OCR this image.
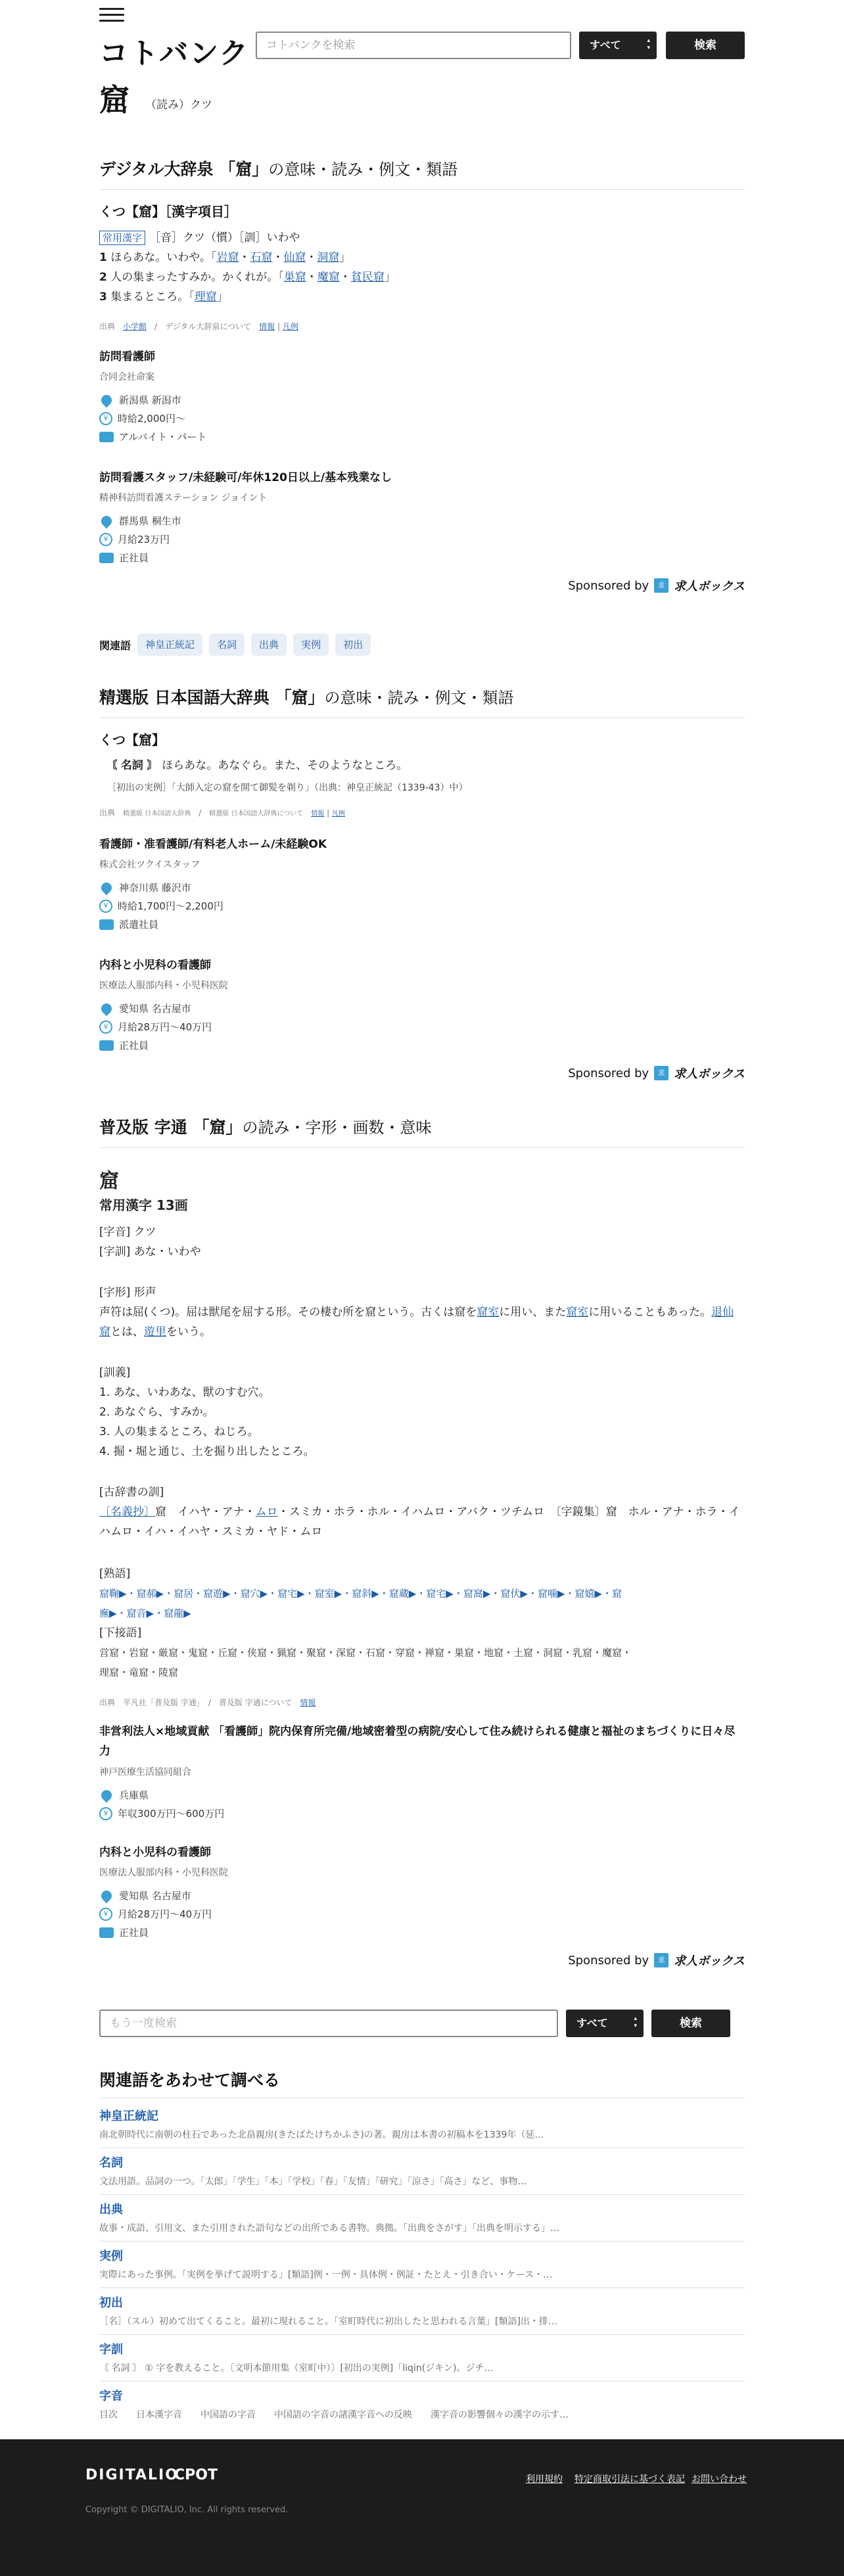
コトバンク	コトバンクを検索	すべて ▴ ▾	検索
窟 （読み）クツ
デジタル大辞泉 「窟」の意味・読み・例文・類語
くつ【窟】［漢字項目］
常用漢字 ［音］クツ（慣）［訓］いわや
1 ほらあな。いわや。「岩窟・石窟・仙窟・洞窟」
2 人の集まったすみか。かくれが。「巣窟・魔窟・貧民窟」
3 集まるところ。「理窟」
出典　 小学館　/　デジタル大辞泉について　 情報 | 凡例
訪問看護師
合同会社命案
新潟県 新潟市
¥ 時給2,000円〜
アルバイト・パート
訪問看護スタッフ/未経験可/年休120日以上/基本残業なし
精神科訪問看護ステーション ジョイント
群馬県 桐生市
¥ 月給23万円
正社員
Sponsored by	求 求人ボックス
関連語	神皇正統記	名詞	出典	実例	初出
精選版 日本国語大辞典 「窟」の意味・読み・例文・類語
くつ【窟】
〘 名詞 〙 ほらあな。あなぐら。また、そのようなところ。
［初出の実例］「大師入定の窟を開て御髪を剃り」（出典：神皇正統記（1339‐43）中）
出典　 精選版 日本国語大辞典　/　精選版 日本国語大辞典について　 情報 | 凡例
看護師・准看護師/有料老人ホーム/未経験OK
株式会社ツクイスタッフ
神奈川県 藤沢市
¥ 時給1,700円〜2,200円
派遣社員
内科と小児科の看護師
医療法人服部内科・小児科医院
愛知県 名古屋市
¥ 月給28万円〜40万円
正社員
Sponsored by	求 求人ボックス
普及版 字通 「窟」の読み・字形・画数・意味
窟
常用漢字 13画
[字音] クツ
[字訓] あな・いわや
[字形] 形声
声符は屈(くつ)。屈は獣尾を屈する形。その棲む所を窟という。古くは窟を窟室に用い、また窟室に用いることもあった。退仙窟とは、遊里をいう。
[訓義]
1. あな、いわあな、獣のすむ穴。
2. あなぐら、すみか。
3. 人の集まるところ、ねじろ。
4. 掘・堀と通じ、土を掘り出したところ。
[古辞書の訓]
〔名義抄〕窟　イハヤ・アナ・ムロ・スミカ・ホラ・ホル・イハムロ・アバク・ツチムロ　〔字鏡集〕窟　ホル・アナ・ホラ・イハムロ・イハ・イハヤ・スミカ・ヤド・ムロ
[熟語]
窟鞠▶・窟郝▶・窟居・窟遊▶・窟穴▶・窟宅▶・窟室▶・窟斜▶・窟蔵▶・窟宅▶・窟窩▶・窟伏▶・窟噛▶・窟嬉▶・窟
廡▶・窟音▶・窟龍▶
[下接語]
営窟・岩窟・厳窟・鬼窟・丘窟・侠窟・猟窟・聚窟・深窟・石窟・穿窟・禅窟・巣窟・地窟・土窟・洞窟・乳窟・魔窟・
理窟・竜窟・陵窟
出典　 平凡社「普及版 字通」　/　普及版 字通について　 情報
非営利法人×地域貢献 「看護師」院内保育所完備/地域密着型の病院/安心して住み続けられる健康と福祉のまちづくりに日々尽力
神戸医療生活協同組合
兵庫県
¥ 年収300万円〜600万円
内科と小児科の看護師
医療法人服部内科・小児科医院
愛知県 名古屋市
¥ 月給28万円〜40万円
正社員
Sponsored by	求 求人ボックス
もう一度検索	すべて ▴ ▾	検索
関連語をあわせて調べる
神皇正統記
南北朝時代に南朝の柱石であった北畠親房(きたばたけちかふさ)の著。親房は本書の初稿本を1339年（延…
名詞
文法用語。品詞の一つ。「太郎」「学生」「本」「学校」「春」「友情」「研究」「涼さ」「高さ」など、事物…
出典
故事・成語、引用文、また引用された語句などの出所である書物。典拠。「出典をさがす」「出典を明示する」…
実例
実際にあった事例。「実例を挙げて説明する」[類語]例・一例・具体例・例証・たとえ・引き合い・ケース・…
初出
［名］（スル）初めて出てくること。最初に現れること。「室町時代に初出したと思われる言葉」[類語]出・排…
字訓
〘 名詞 〙 ① 字を教えること。〔文明本節用集（室町中）〕[初出の実例]「liqin(ジキン)。ジチ…
字音
目次　　日本漢字音　　中国語の字音　　中国語の字音の諸漢字音への反映　　漢字音の影響個々の漢字の示す…
DIGITALIO
CPOT	利用規約 特定商取引法に基づく表記 お問い合わせ
Copyright © DIGITALIO, Inc. All rights reserved.
